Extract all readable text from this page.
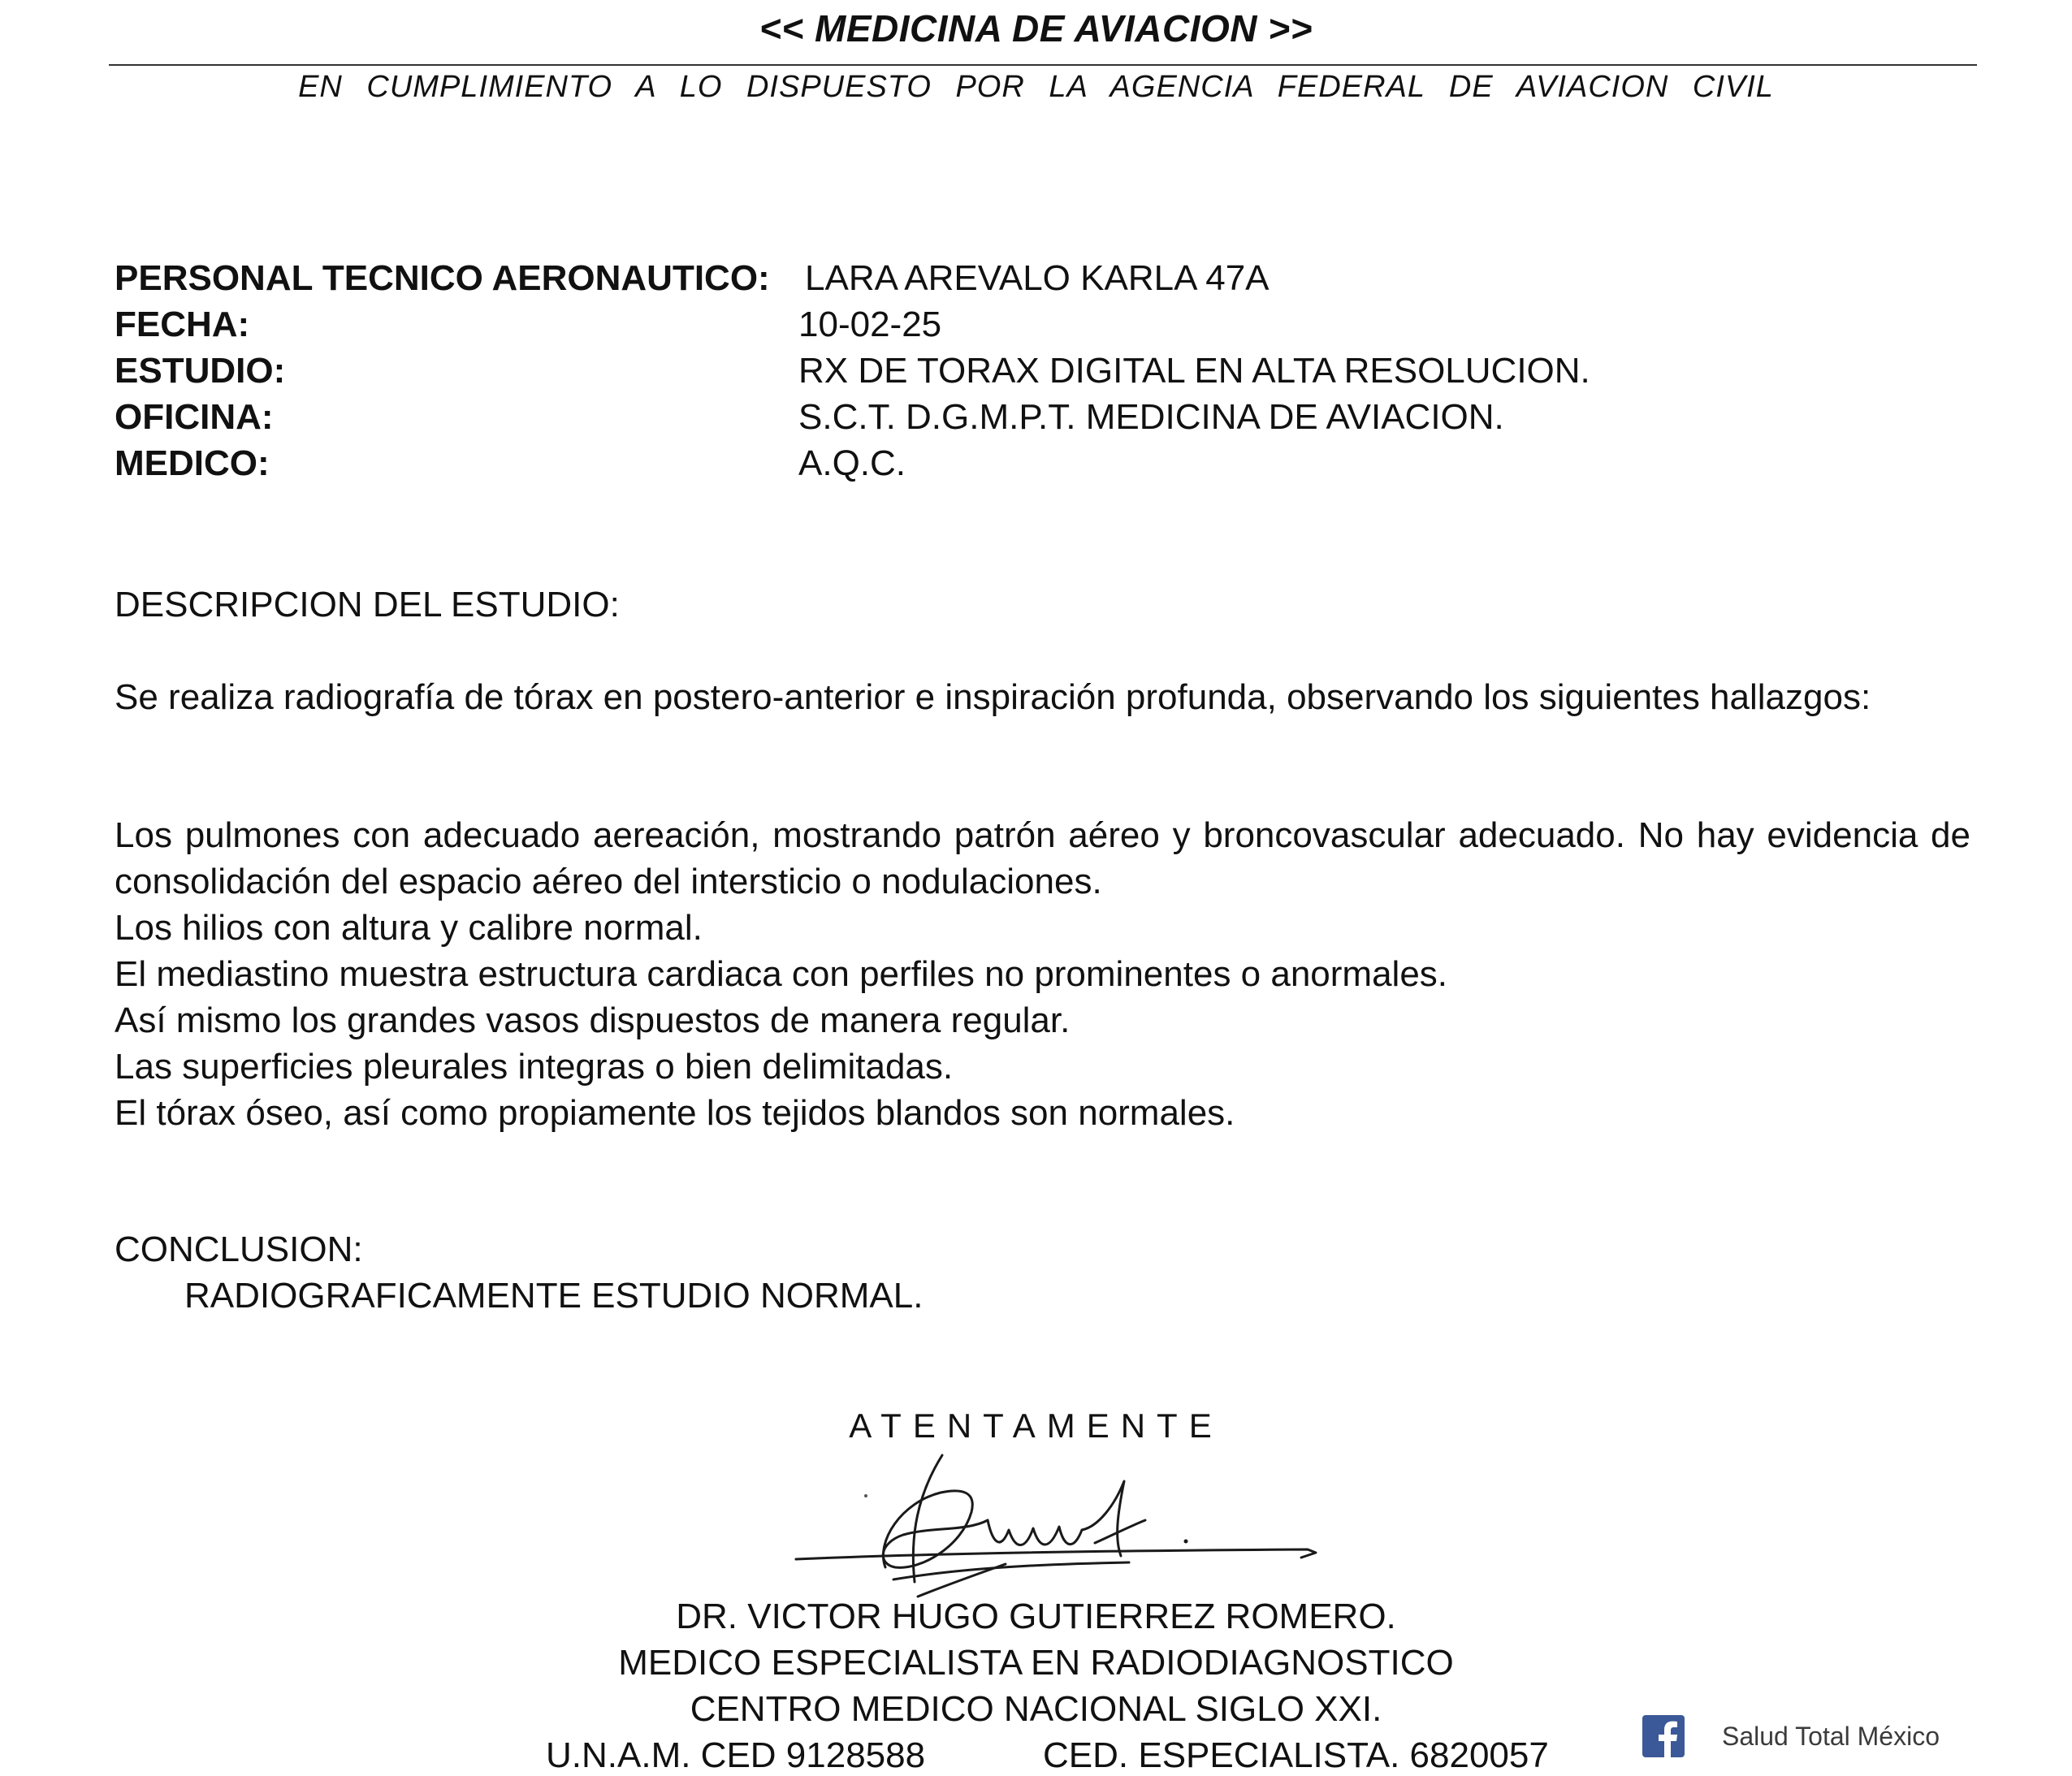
<< MEDICINA DE AVIACION >>
EN CUMPLIMIENTO A LO DISPUESTO POR LA AGENCIA FEDERAL DE AVIACION CIVIL
PERSONAL TECNICO AERONAUTICO: LARA AREVALO KARLA 47A
FECHA:	10-02-25
ESTUDIO:	RX DE TORAX DIGITAL EN ALTA RESOLUCION.
OFICINA:	S.C.T. D.G.M.P.T. MEDICINA DE AVIACION.
MEDICO:	A.Q.C.
DESCRIPCION DEL ESTUDIO:
Se realiza radiografía de tórax en postero-anterior e inspiración profunda, observando los siguientes hallazgos:

Los pulmones con adecuado aereación, mostrando patrón aéreo y broncovascular adecuado. No hay evidencia de consolidación del espacio aéreo del intersticio o nodulaciones.

Los hilios con altura y calibre normal.

El mediastino muestra estructura cardiaca con perfiles no prominentes o anormales.

Así mismo los grandes vasos dispuestos de manera regular.

Las superficies pleurales integras o bien delimitadas.

El tórax óseo, así como propiamente los tejidos blandos son normales.

CONCLUSION:
RADIOGRAFICAMENTE ESTUDIO NORMAL.
ATENTAMENTE
DR. VICTOR HUGO GUTIERREZ ROMERO.
MEDICO ESPECIALISTA EN RADIODIAGNOSTICO
CENTRO MEDICO NACIONAL SIGLO XXI.
U.N.A.M. CED 9128588	CED. ESPECIALISTA. 6820057	Salud Total México
